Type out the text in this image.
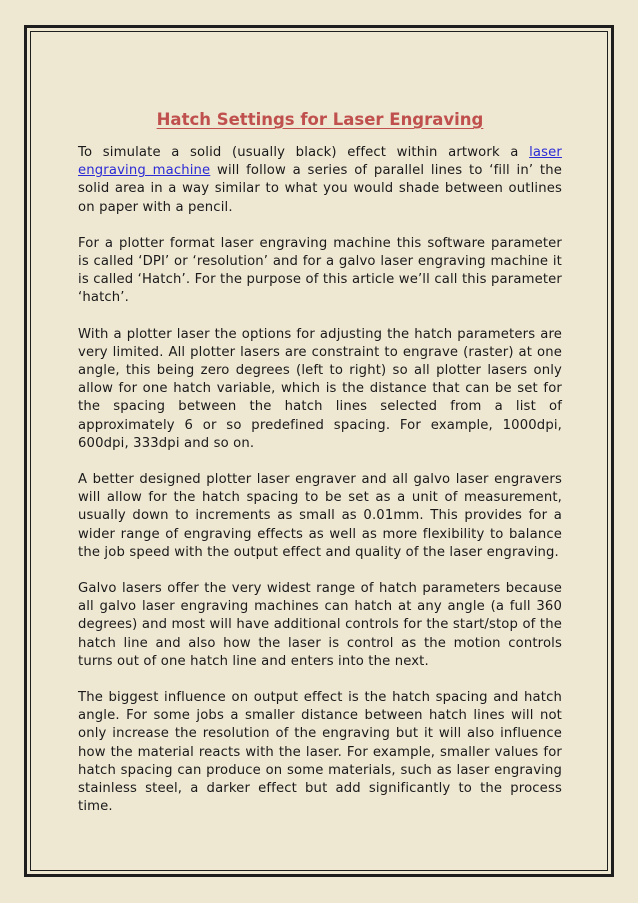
Hatch Settings for Laser Engraving

To simulate a solid (usually black) effect within artwork a laser engraving machine will follow a series of parallel lines to ‘fill in’ the solid area in a way similar to what you would shade between outlines on paper with a pencil.

For a plotter format laser engraving machine this software parameter is called ‘DPI’ or ‘resolution’ and for a galvo laser engraving machine it is called ‘Hatch’. For the purpose of this article we’ll call this parameter ‘hatch’.

With a plotter laser the options for adjusting the hatch parameters are very limited. All plotter lasers are constraint to engrave (raster) at one angle, this being zero degrees (left to right) so all plotter lasers only allow for one hatch variable, which is the distance that can be set for the spacing between the hatch lines selected from a list of approximately 6 or so predefined spacing. For example, 1000dpi, 600dpi, 333dpi and so on.

A better designed plotter laser engraver and all galvo laser engravers will allow for the hatch spacing to be set as a unit of measurement, usually down to increments as small as 0.01mm. This provides for a wider range of engraving effects as well as more flexibility to balance the job speed with the output effect and quality of the laser engraving.

Galvo lasers offer the very widest range of hatch parameters because all galvo laser engraving machines can hatch at any angle (a full 360 degrees) and most will have additional controls for the start/stop of the hatch line and also how the laser is control as the motion controls turns out of one hatch line and enters into the next.

The biggest influence on output effect is the hatch spacing and hatch angle. For some jobs a smaller distance between hatch lines will not only increase the resolution of the engraving but it will also influence how the material reacts with the laser. For example, smaller values for hatch spacing can produce on some materials, such as laser engraving stainless steel, a darker effect but add significantly to the process time.
